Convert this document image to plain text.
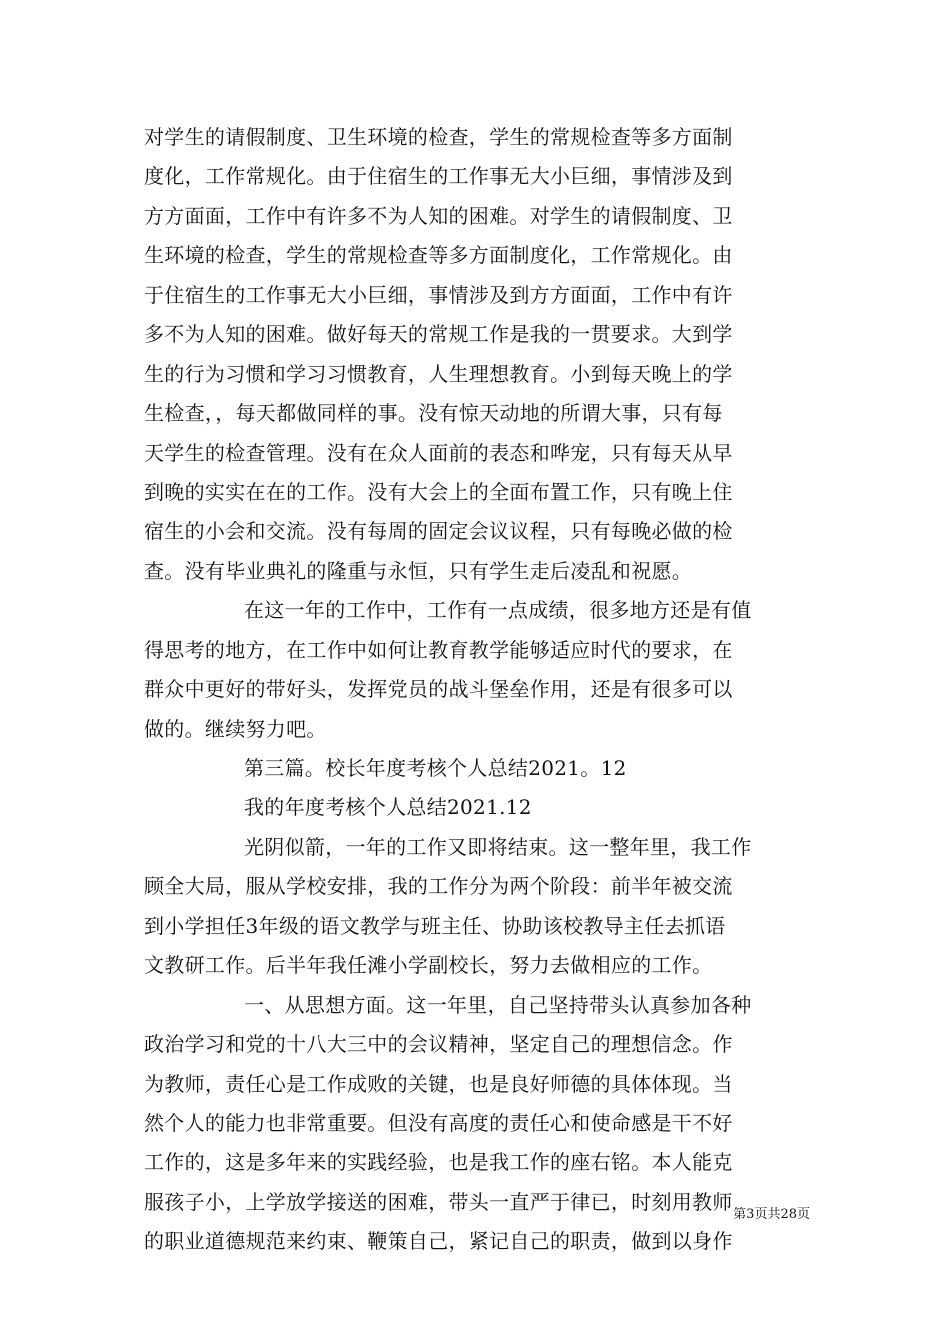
对学生的请假制度、卫生环境的检查，学生的常规检查等多方面制
度化，工作常规化。由于住宿生的工作事无大小巨细，事情涉及到
方方面面，工作中有许多不为人知的困难。对学生的请假制度、卫
生环境的检查，学生的常规检查等多方面制度化，工作常规化。由
于住宿生的工作事无大小巨细，事情涉及到方方面面，工作中有许
多不为人知的困难。做好每天的常规工作是我的一贯要求。大到学
生的行为习惯和学习习惯教育，人生理想教育。小到每天晚上的学
生检查，，每天都做同样的事。没有惊天动地的所谓大事，只有每
天学生的检查管理。没有在众人面前的表态和哗宠，只有每天从早
到晚的实实在在的工作。没有大会上的全面布置工作，只有晚上住
宿生的小会和交流。没有每周的固定会议议程，只有每晚必做的检
查。没有毕业典礼的隆重与永恒，只有学生走后凌乱和祝愿。
在这一年的工作中，工作有一点成绩，很多地方还是有值
得思考的地方，在工作中如何让教育教学能够适应时代的要求，在
群众中更好的带好头，发挥党员的战斗堡垒作用，还是有很多可以
做的。继续努力吧。
第三篇。校长年度考核个人总结2021。12
我的年度考核个人总结2021.12
光阴似箭，一年的工作又即将结束。这一整年里，我工作
顾全大局，服从学校安排，我的工作分为两个阶段：前半年被交流
到小学担任3年级的语文教学与班主任、协助该校教导主任去抓语
文教研工作。后半年我任滩小学副校长，努力去做相应的工作。
一、从思想方面。这一年里，自己坚持带头认真参加各种
政治学习和党的十八大三中的会议精神，坚定自己的理想信念。作
为教师，责任心是工作成败的关键，也是良好师德的具体体现。当
然个人的能力也非常重要。但没有高度的责任心和使命感是干不好
工作的，这是多年来的实践经验，也是我工作的座右铭。本人能克
服孩子小，上学放学接送的困难，带头一直严于律已，时刻用教师
的职业道德规范来约束、鞭策自己，紧记自己的职责，做到以身作
第3页共28页
